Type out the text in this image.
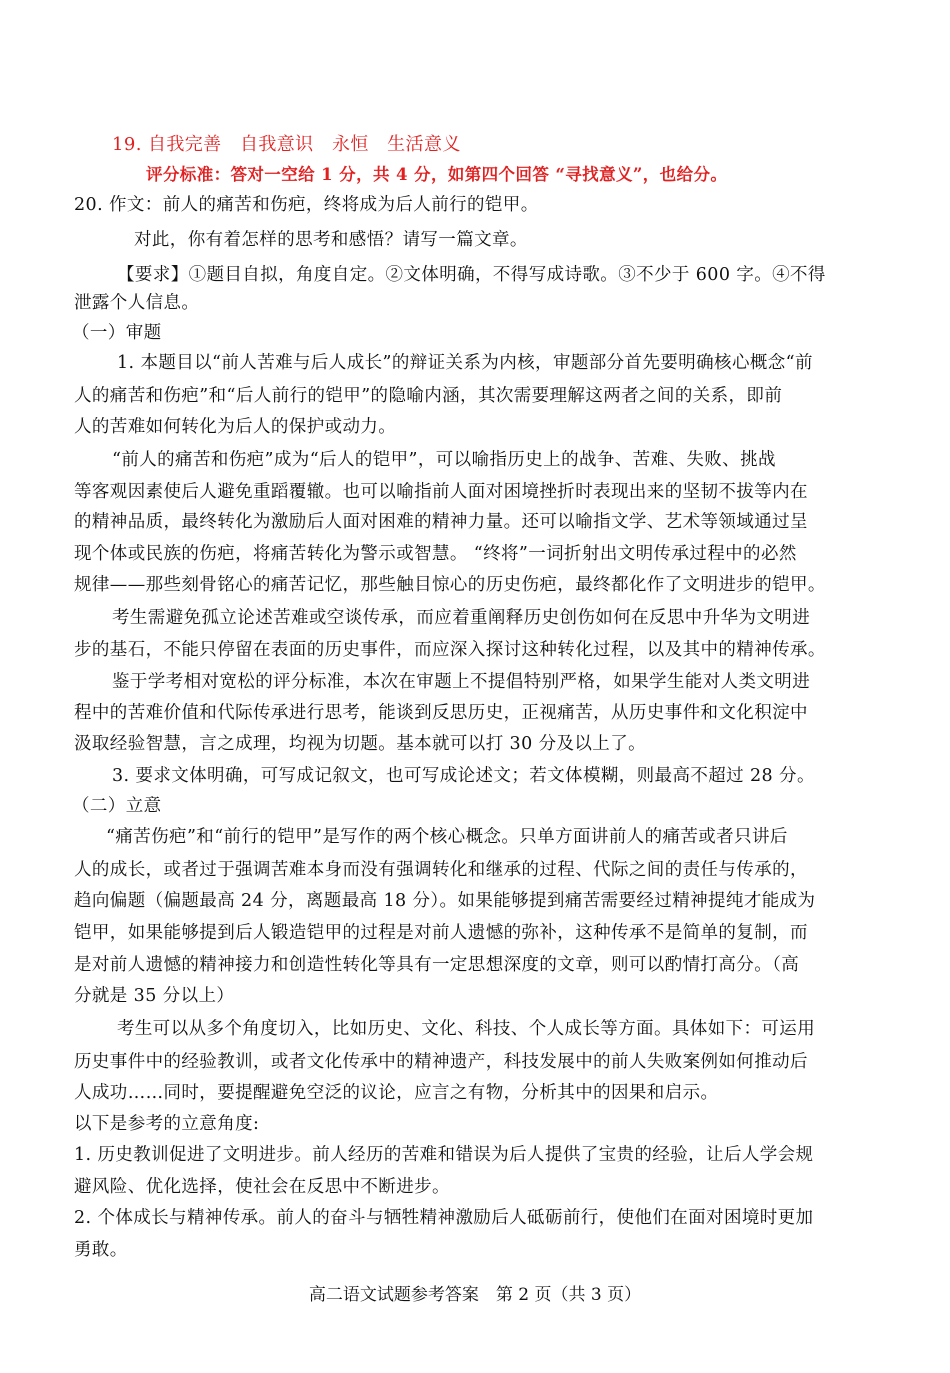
19. 自我完善　自我意识　永恒　生活意义
评分标准：答对一空给 1 分，共 4 分，如第四个回答 “寻找意义”，也给分。
20. 作文：前人的痛苦和伤疤，终将成为后人前行的铠甲。
对此，你有着怎样的思考和感悟？请写一篇文章。
【要求】①题目自拟，角度自定。②文体明确，不得写成诗歌。③不少于 600 字。④不得
泄露个人信息。
（一）审题
1. 本题目以“前人苦难与后人成长”的辩证关系为内核，审题部分首先要明确核心概念“前
人的痛苦和伤疤”和“后人前行的铠甲”的隐喻内涵，其次需要理解这两者之间的关系，即前
人的苦难如何转化为后人的保护或动力。
“前人的痛苦和伤疤”成为“后人的铠甲”，可以喻指历史上的战争、苦难、失败、挑战
等客观因素使后人避免重蹈覆辙。也可以喻指前人面对困境挫折时表现出来的坚韧不拔等内在
的精神品质，最终转化为激励后人面对困难的精神力量。还可以喻指文学、艺术等领域通过呈
现个体或民族的伤疤，将痛苦转化为警示或智慧。 “终将”一词折射出文明传承过程中的必然
规律——那些刻骨铭心的痛苦记忆，那些触目惊心的历史伤疤，最终都化作了文明进步的铠甲。
考生需避免孤立论述苦难或空谈传承，而应着重阐释历史创伤如何在反思中升华为文明进
步的基石，不能只停留在表面的历史事件，而应深入探讨这种转化过程，以及其中的精神传承。
鉴于学考相对宽松的评分标准，本次在审题上不提倡特别严格，如果学生能对人类文明进
程中的苦难价值和代际传承进行思考，能谈到反思历史，正视痛苦，从历史事件和文化积淀中
汲取经验智慧，言之成理，均视为切题。基本就可以打 30 分及以上了。
3. 要求文体明确，可写成记叙文，也可写成论述文；若文体模糊，则最高不超过 28 分。
（二）立意
“痛苦伤疤”和“前行的铠甲”是写作的两个核心概念。只单方面讲前人的痛苦或者只讲后
人的成长，或者过于强调苦难本身而没有强调转化和继承的过程、代际之间的责任与传承的，
趋向偏题（偏题最高 24 分，离题最高 18 分）。如果能够提到痛苦需要经过精神提纯才能成为
铠甲，如果能够提到后人锻造铠甲的过程是对前人遗憾的弥补，这种传承不是简单的复制，而
是对前人遗憾的精神接力和创造性转化等具有一定思想深度的文章，则可以酌情打高分。（高
分就是 35 分以上）
考生可以从多个角度切入，比如历史、文化、科技、个人成长等方面。具体如下：可运用
历史事件中的经验教训，或者文化传承中的精神遗产，科技发展中的前人失败案例如何推动后
人成功……同时，要提醒避免空泛的议论，应言之有物，分析其中的因果和启示。
以下是参考的立意角度:
1. 历史教训促进了文明进步。前人经历的苦难和错误为后人提供了宝贵的经验，让后人学会规
避风险、优化选择，使社会在反思中不断进步。
2. 个体成长与精神传承。前人的奋斗与牺牲精神激励后人砥砺前行，使他们在面对困境时更加
勇敢。
高二语文试题参考答案　第 2 页（共 3 页）
